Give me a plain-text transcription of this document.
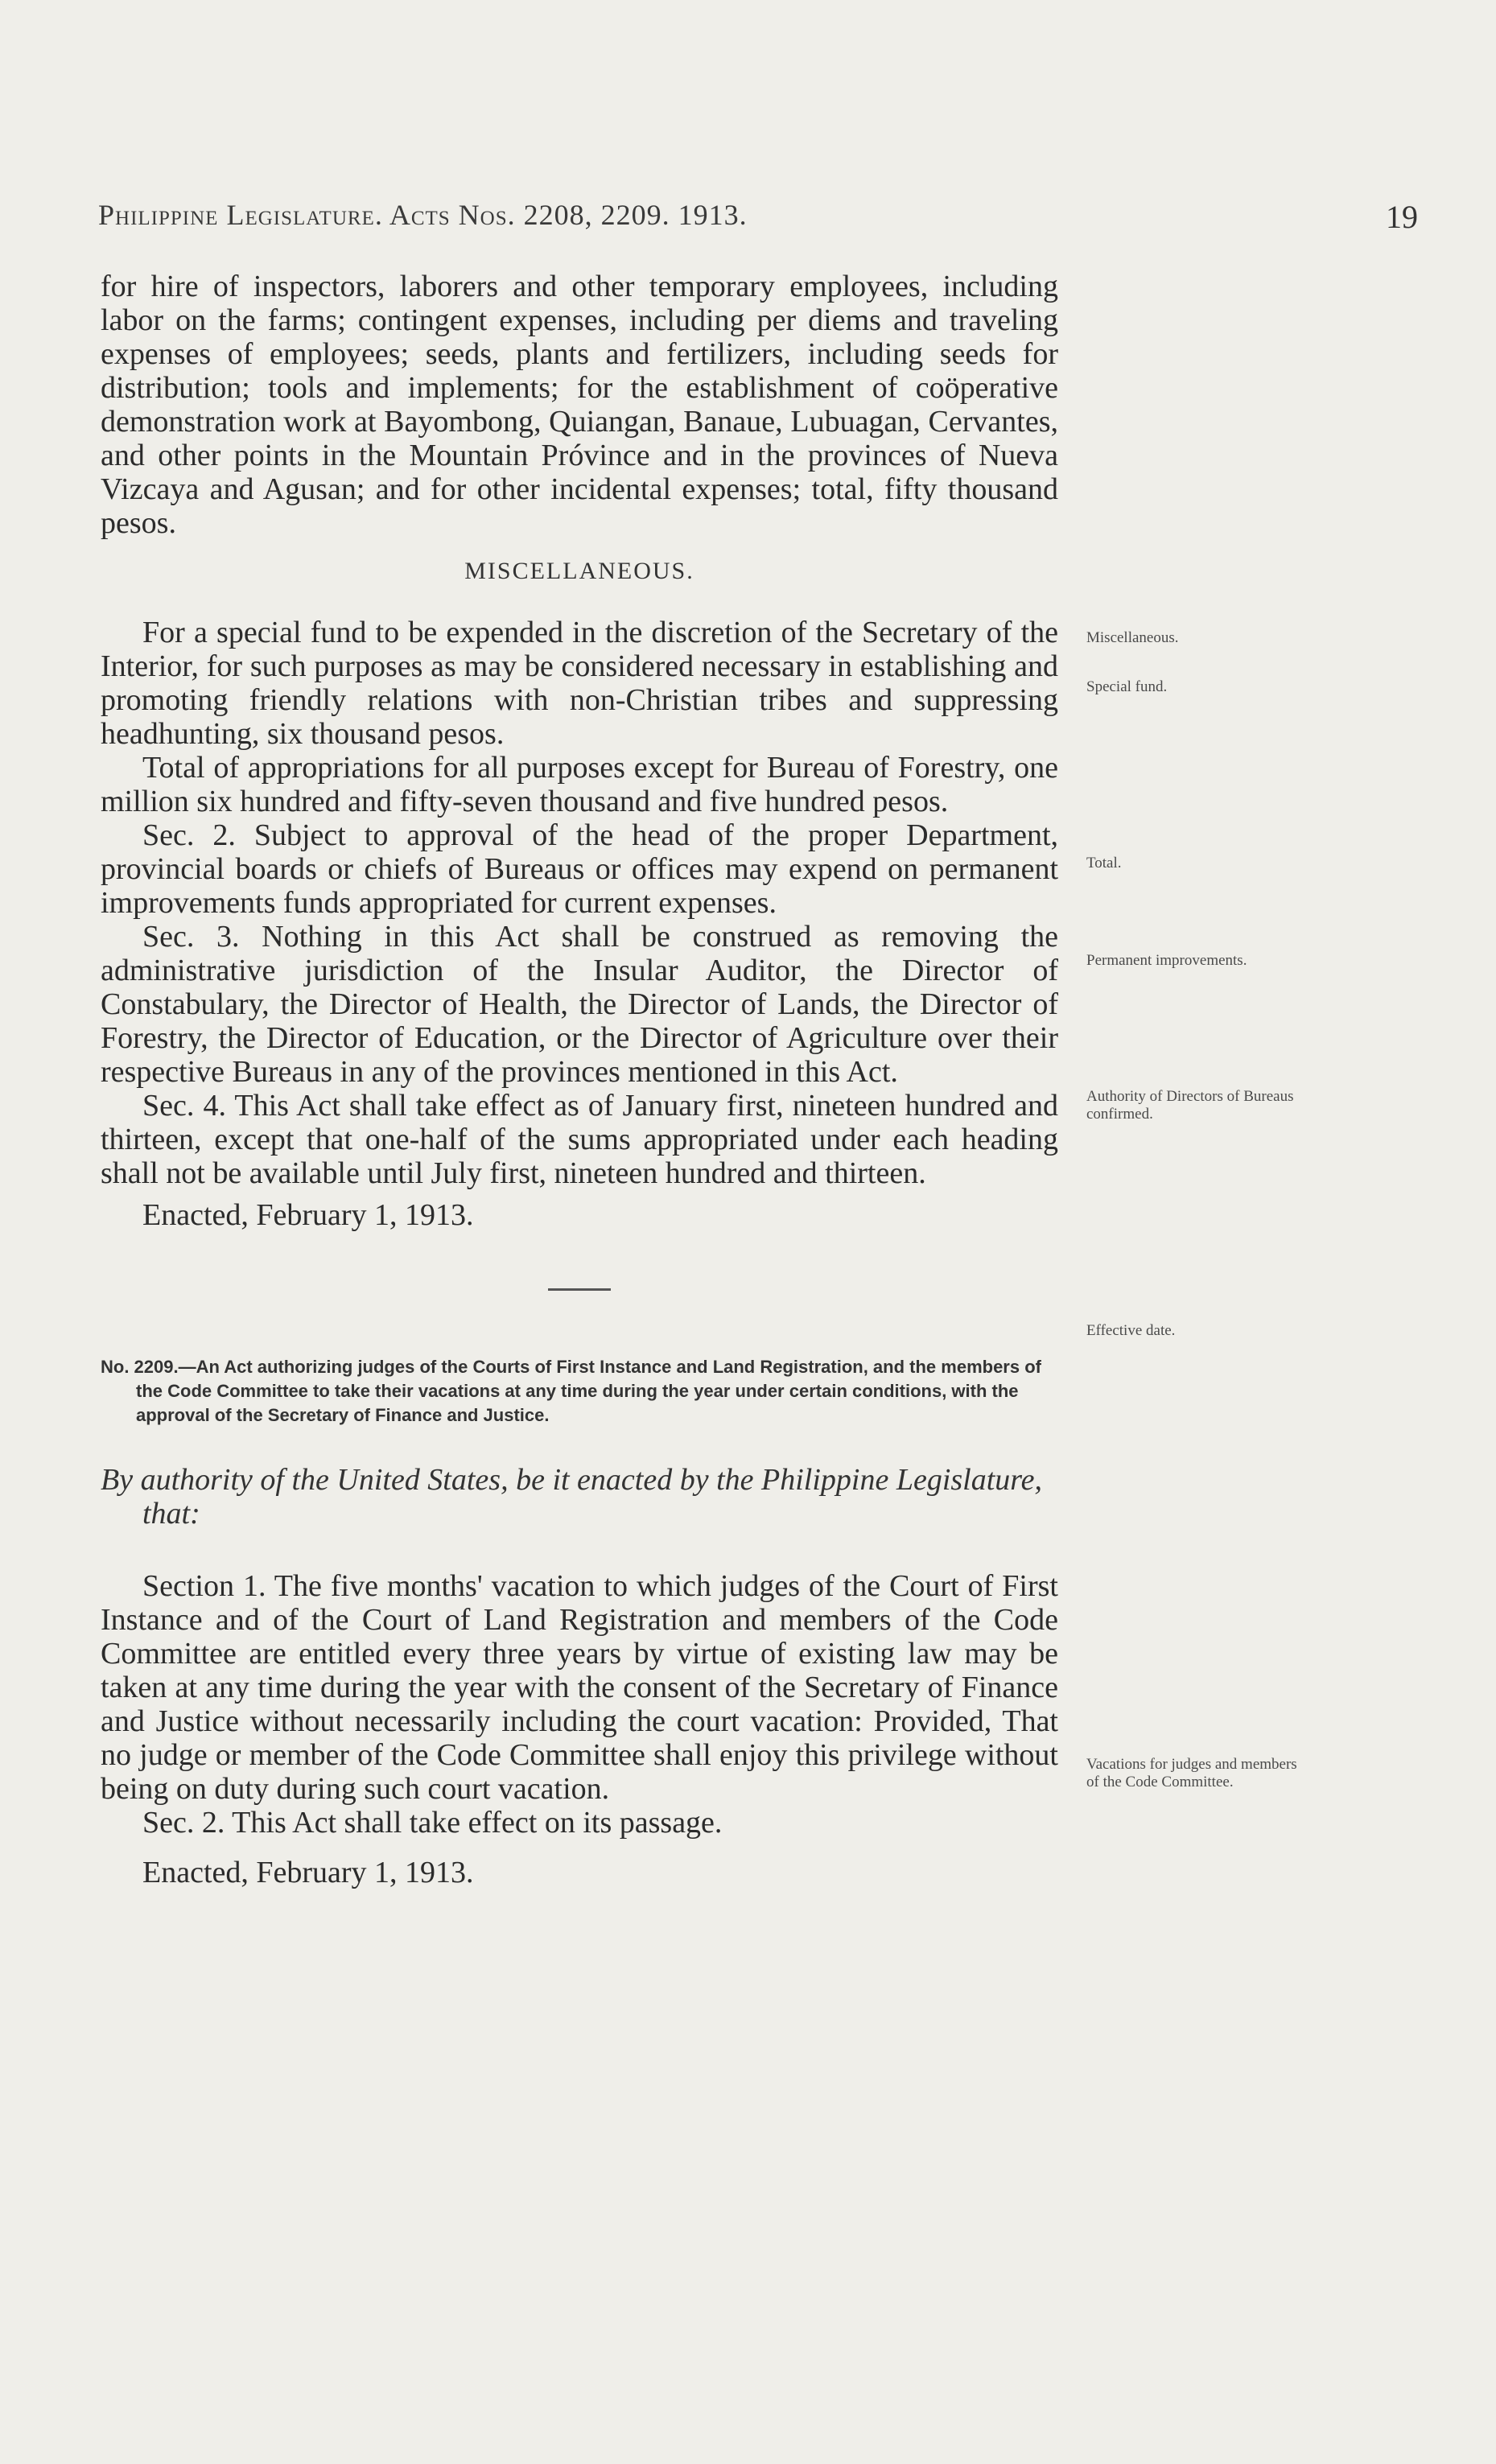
Philippine Legislature. Acts Nos. 2208, 2209. 1913.	19

for hire of inspectors, laborers and other temporary employees, including labor on the farms; contingent expenses, including per diems and traveling expenses of employees; seeds, plants and fertilizers, including seeds for distribution; tools and implements; for the establishment of coöperative demonstration work at Bayombong, Quiangan, Banaue, Lubuagan, Cervantes, and other points in the Mountain Próvince and in the provinces of Nueva Vizcaya and Agusan; and for other incidental expenses; total, fifty thousand pesos.

MISCELLANEOUS.

For a special fund to be expended in the discretion of the Secretary of the Interior, for such purposes as may be considered necessary in establishing and promoting friendly relations with non-Christian tribes and suppressing headhunting, six thousand pesos.

Total of appropriations for all purposes except for Bureau of Forestry, one million six hundred and fifty-seven thousand and five hundred pesos.

Sec. 2. Subject to approval of the head of the proper Department, provincial boards or chiefs of Bureaus or offices may expend on permanent improvements funds appropriated for current expenses.

Sec. 3. Nothing in this Act shall be construed as removing the administrative jurisdiction of the Insular Auditor, the Director of Constabulary, the Director of Health, the Director of Lands, the Director of Forestry, the Director of Education, or the Director of Agriculture over their respective Bureaus in any of the provinces mentioned in this Act.

Sec. 4. This Act shall take effect as of January first, nineteen hundred and thirteen, except that one-half of the sums appropriated under each heading shall not be available until July first, nineteen hundred and thirteen.

Enacted, February 1, 1913.

No. 2209.—An Act authorizing judges of the Courts of First Instance and Land Registration, and the members of the Code Committee to take their vacations at any time during the year under certain conditions, with the approval of the Secretary of Finance and Justice.

By authority of the United States, be it enacted by the Philippine Legislature, that:

Section 1. The five months' vacation to which judges of the Court of First Instance and of the Court of Land Registration and members of the Code Committee are entitled every three years by virtue of existing law may be taken at any time during the year with the consent of the Secretary of Finance and Justice without necessarily including the court vacation: Provided, That no judge or member of the Code Committee shall enjoy this privilege without being on duty during such court vacation.

Sec. 2. This Act shall take effect on its passage.

Enacted, February 1, 1913.

Miscellaneous.
Special fund.
Total.
Permanent improvements.
Authority of Directors of Bureaus confirmed.
Effective date.
Vacations for judges and members of the Code Committee.
